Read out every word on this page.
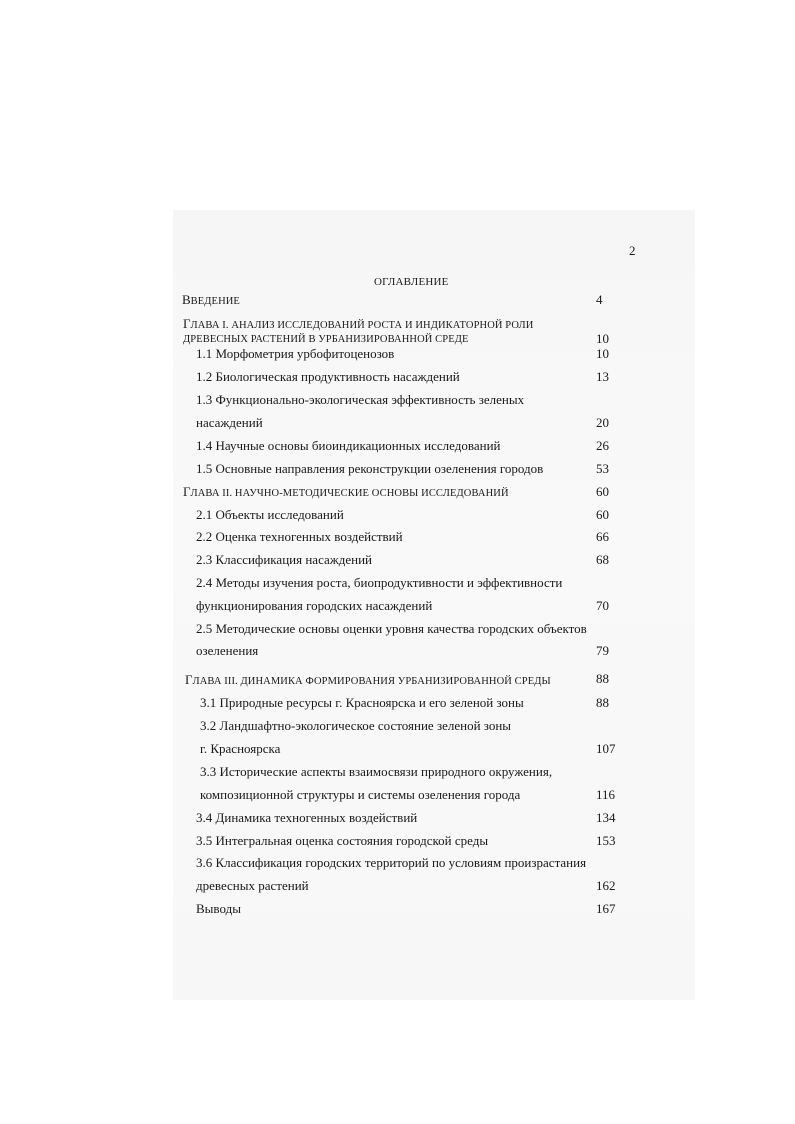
2
ОГЛАВЛЕНИЕ
ВВЕДЕНИЕ	4
ГЛАВА I. АНАЛИЗ ИССЛЕДОВАНИЙ РОСТА И ИНДИКАТОРНОЙ РОЛИ
ДРЕВЕСНЫХ РАСТЕНИЙ В УРБАНИЗИРОВАННОЙ СРЕДЕ	10
1.1 Морфометрия урбофитоценозов	10
1.2 Биологическая продуктивность насаждений	13
1.3 Функционально-экологическая эффективность зеленых
насаждений	20
1.4 Научные основы биоиндикационных исследований	26
1.5 Основные направления реконструкции озеленения городов	53
ГЛАВА II. НАУЧНО-МЕТОДИЧЕСКИЕ ОСНОВЫ ИССЛЕДОВАНИЙ	60
2.1 Объекты исследований	60
2.2 Оценка техногенных воздействий	66
2.3 Классификация насаждений	68
2.4 Методы изучения роста, биопродуктивности и эффективности
функционирования городских насаждений	70
2.5 Методические основы оценки уровня качества городских объектов
озеленения	79
ГЛАВА III. ДИНАМИКА ФОРМИРОВАНИЯ УРБАНИЗИРОВАННОЙ СРЕДЫ	88
3.1 Природные ресурсы г. Красноярска и его зеленой зоны	88
3.2 Ландшафтно-экологическое состояние зеленой зоны
г. Красноярска	107
3.3 Исторические аспекты взаимосвязи природного окружения,
композиционной структуры и системы озеленения города	116
3.4 Динамика техногенных воздействий	134
3.5 Интегральная оценка состояния городской среды	153
3.6 Классификация городских территорий по условиям произрастания
древесных растений	162
Выводы	167
